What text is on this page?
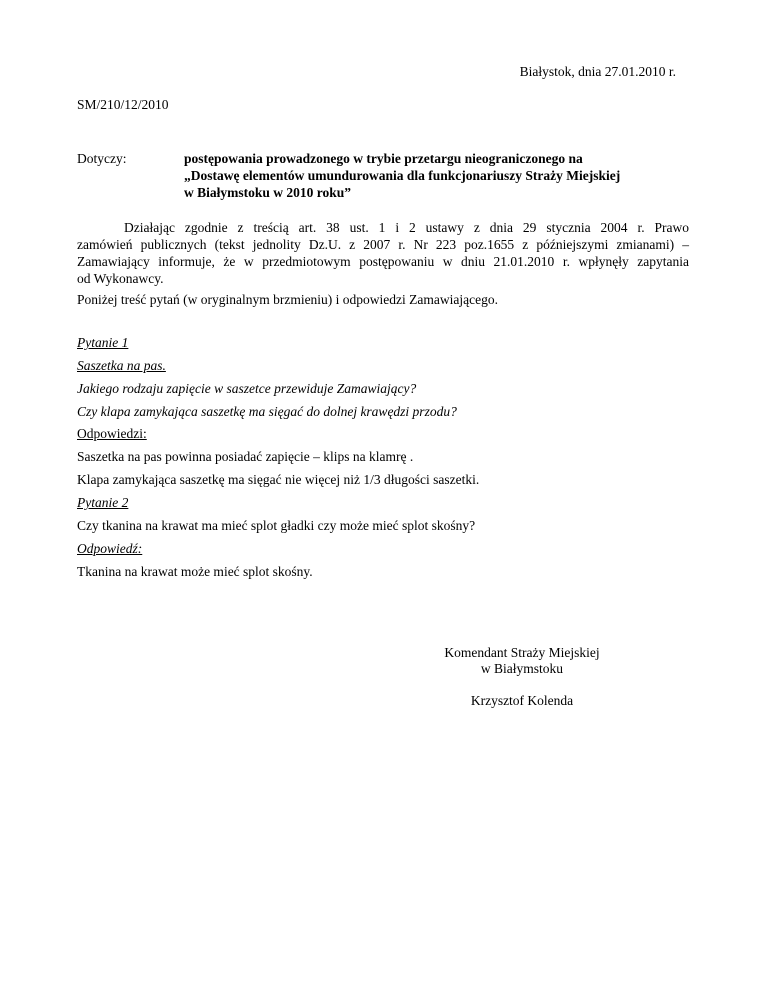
Białystok, dnia 27.01.2010 r.
SM/210/12/2010
Dotyczy:	postępowania prowadzonego w trybie przetargu nieograniczonego na
„Dostawę elementów umundurowania dla funkcjonariuszy Straży Miejskiej
w Białymstoku w 2010 roku”
Działając zgodnie z treścią art. 38 ust. 1 i 2 ustawy z dnia 29 stycznia 2004 r. Prawo
zamówień publicznych (tekst jednolity Dz.U. z 2007 r. Nr 223 poz.1655 z późniejszymi zmianami) –
Zamawiający informuje, że w przedmiotowym postępowaniu w dniu 21.01.2010 r. wpłynęły zapytania
od Wykonawcy.
Poniżej treść pytań (w oryginalnym brzmieniu) i odpowiedzi Zamawiającego.
Pytanie 1
Saszetka na pas.
Jakiego rodzaju zapięcie w saszetce przewiduje Zamawiający?
Czy klapa zamykająca saszetkę ma sięgać do dolnej krawędzi przodu?
Odpowiedzi:
Saszetka na pas powinna posiadać zapięcie – klips na klamrę .
Klapa zamykająca saszetkę ma sięgać nie więcej niż 1/3 długości saszetki.
Pytanie 2
Czy tkanina na krawat ma mieć splot gładki czy może mieć splot skośny?
Odpowiedź:
Tkanina na krawat może mieć splot skośny.
Komendant Straży Miejskiej
w Białymstoku
Krzysztof Kolenda
